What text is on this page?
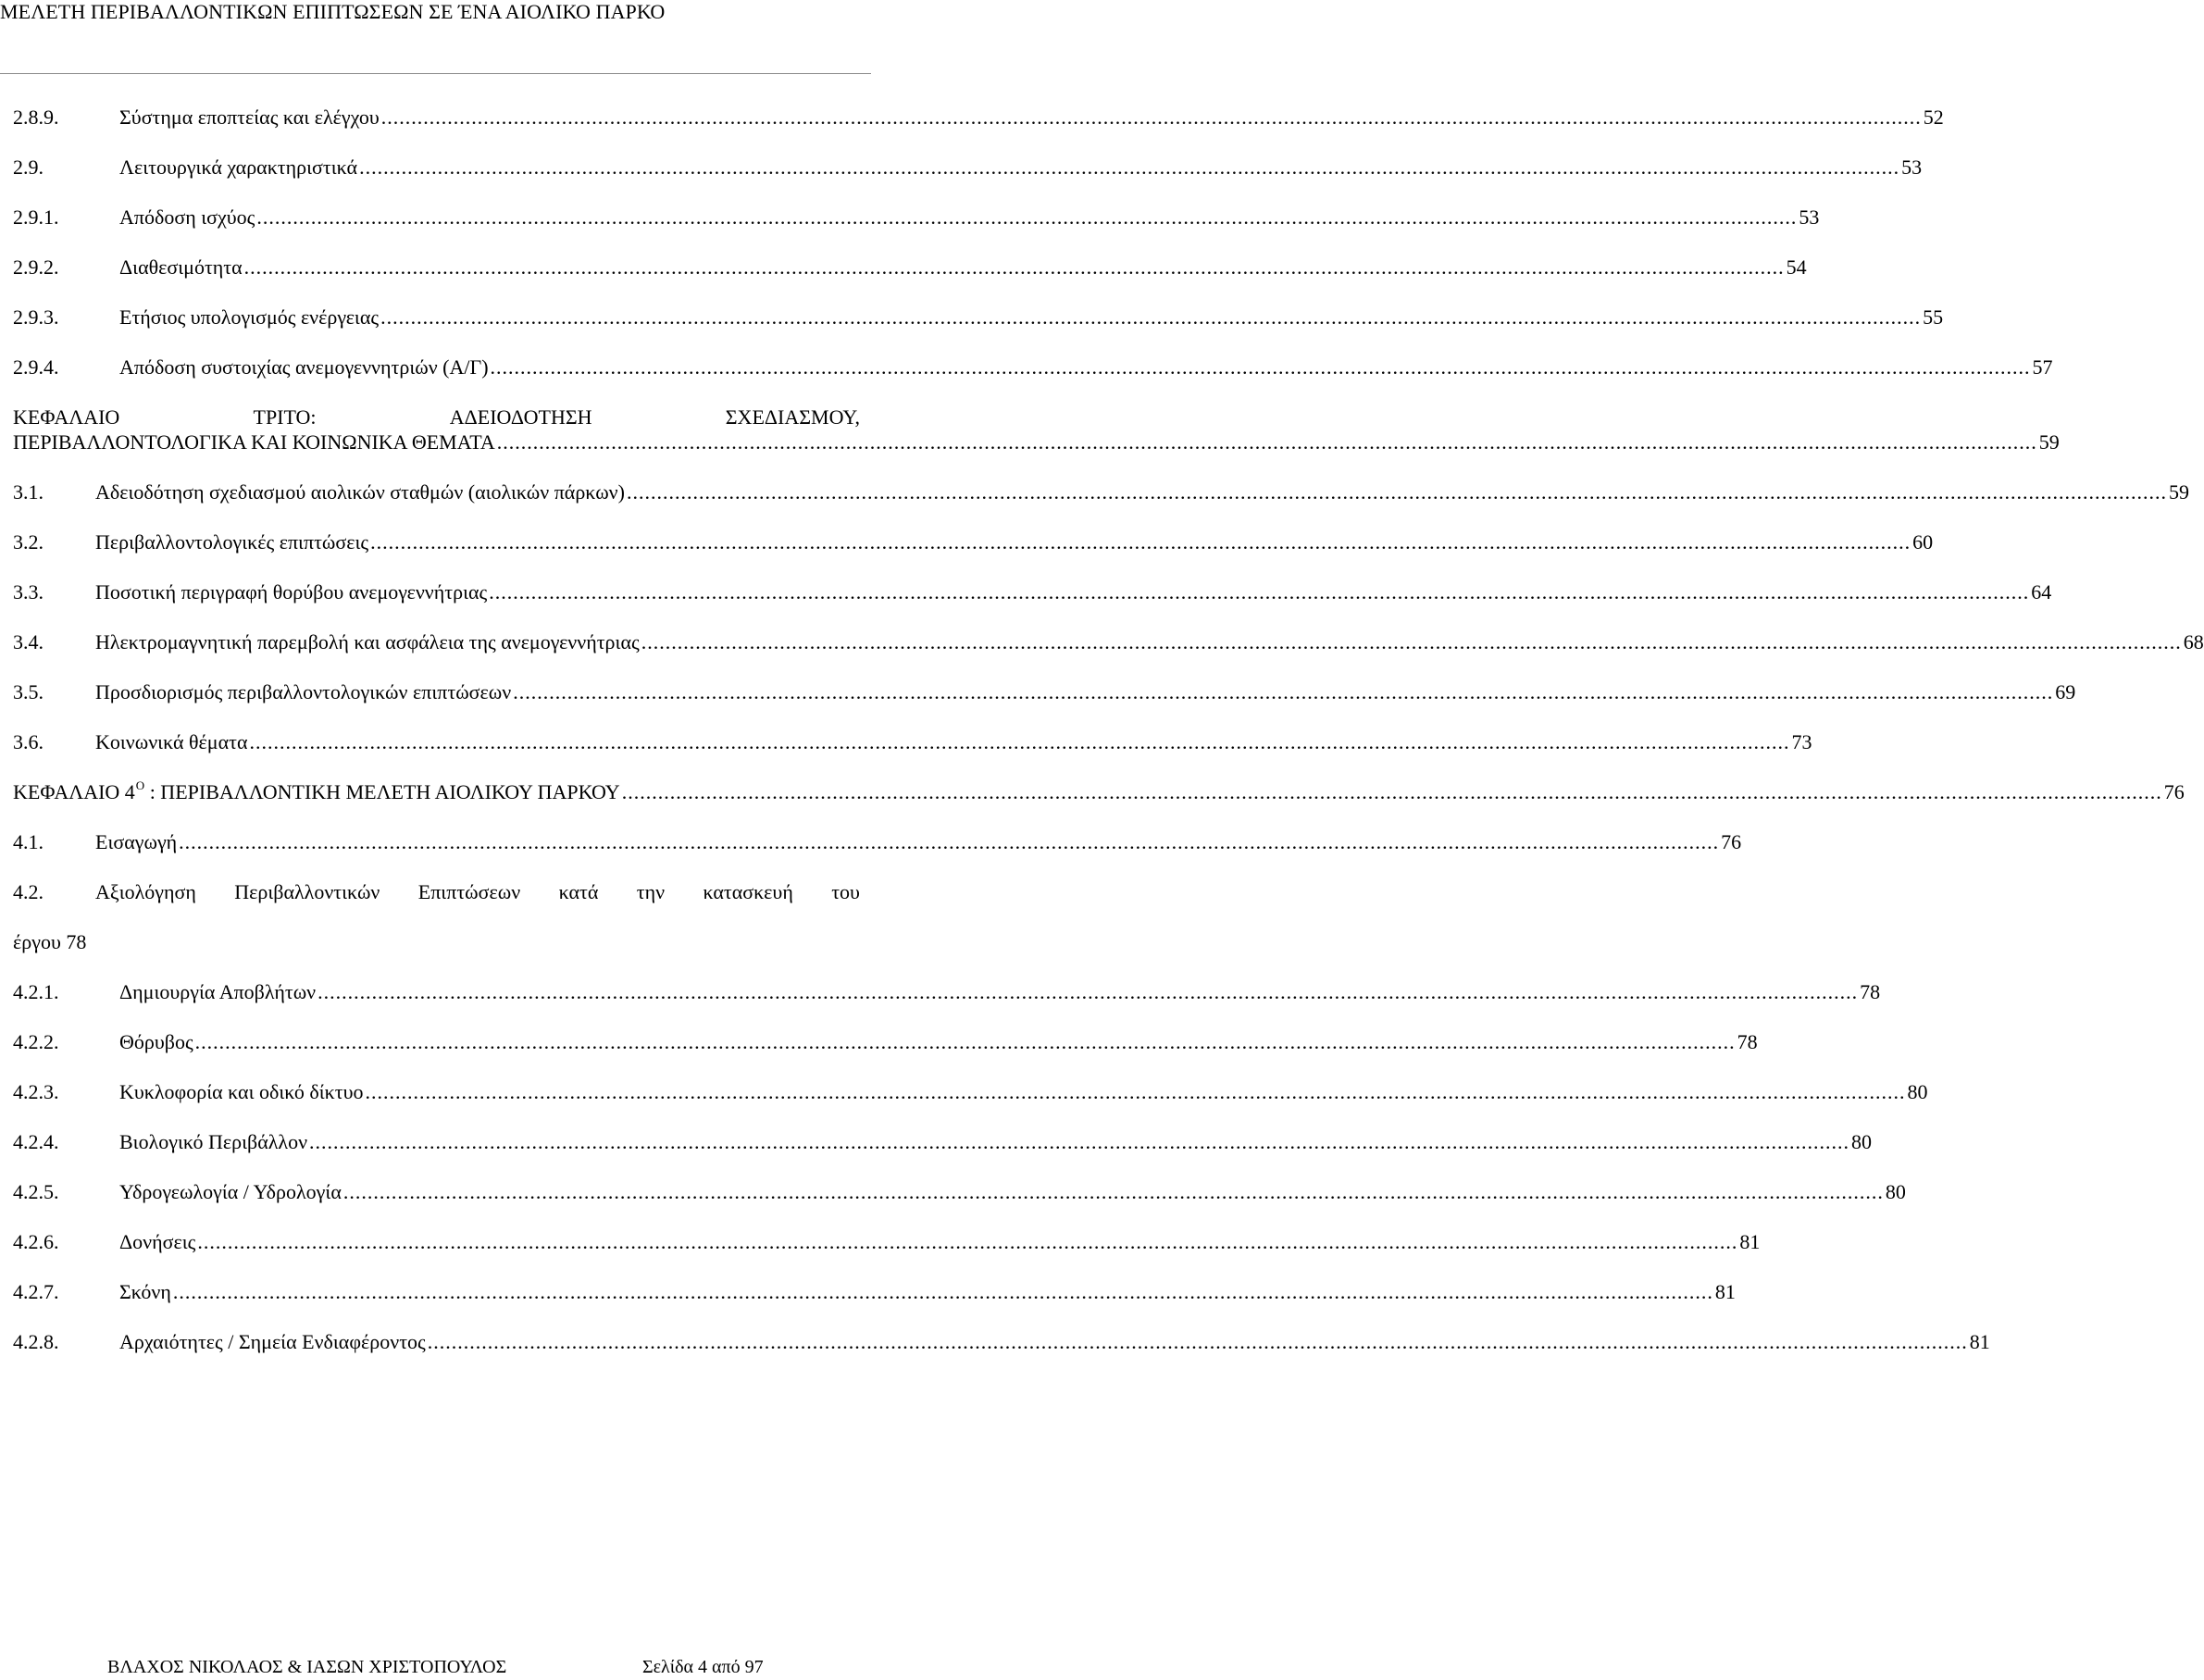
ΜΕΛΕΤΗ ΠΕΡΙΒΑΛΛΟΝΤΙΚΩΝ ΕΠΙΠΤΩΣΕΩΝ ΣΕ ΈΝΑ ΑΙΟΛΙΚΟ ΠΑΡΚΟ
2.8.9.	Σύστημα εποπτείας και ελέγχου .....	52
2.9.	Λειτουργικά χαρακτηριστικά .....	53
2.9.1.	Απόδοση ισχύος .....	53
2.9.2.	Διαθεσιμότητα .....	54
2.9.3.	Ετήσιος υπολογισμός ενέργειας .....	55
2.9.4.	Απόδοση συστοιχίας ανεμογεννητριών (Α/Γ) .....	57
ΚΕΦΑΛΑΙΟ	ΤΡΙΤΟ:	ΑΔΕΙΟΔΟΤΗΣΗ	ΣΧΕΔΙΑΣΜΟΥ,
ΠΕΡΙΒΑΛΛΟΝΤΟΛΟΓΙΚΑ ΚΑΙ ΚΟΙΝΩΝΙΚΑ ΘΕΜΑΤΑ .....	59
3.1.	Αδειοδότηση σχεδιασμού αιολικών σταθμών (αιολικών πάρκων) .....	59
3.2.	Περιβαλλοντολογικές επιπτώσεις .....	60
3.3.	Ποσοτική περιγραφή θορύβου ανεμογεννήτριας .....	64
3.4.	Ηλεκτρομαγνητική παρεμβολή και ασφάλεια της ανεμογεννήτριας .....	68
3.5.	Προσδιορισμός περιβαλλοντολογικών επιπτώσεων .....	69
3.6.	Κοινωνικά θέματα .....	73
ΚΕΦΑΛΑΙΟ $4^O$ : ΠΕΡΙΒΑΛΛΟΝΤΙΚΗ ΜΕΛΕΤΗ ΑΙΟΛΙΚΟΥ ΠΑΡΚΟΥ .....	76
4.1.	Εισαγωγή .....	76
4.2.	Αξιολόγηση Περιβαλλοντικών Επιπτώσεων κατά την κατασκευή του
έργου 78
4.2.1.	Δημιουργία Αποβλήτων .....	78
4.2.2.	Θόρυβος .....	78
4.2.3.	Κυκλοφορία και οδικό δίκτυο .....	80
4.2.4.	Βιολογικό Περιβάλλον .....	80
4.2.5.	Υδρογεωλογία / Υδρολογία .....	80
4.2.6.	Δονήσεις .....	81
4.2.7.	Σκόνη .....	81
4.2.8.	Αρχαιότητες / Σημεία Ενδιαφέροντος .....	81
ΒΛΑΧΟΣ ΝΙΚΟΛΑΟΣ & ΙΑΣΩΝ ΧΡΙΣΤΟΠΟΥΛΟΣ	Σελίδα 4 από 97
